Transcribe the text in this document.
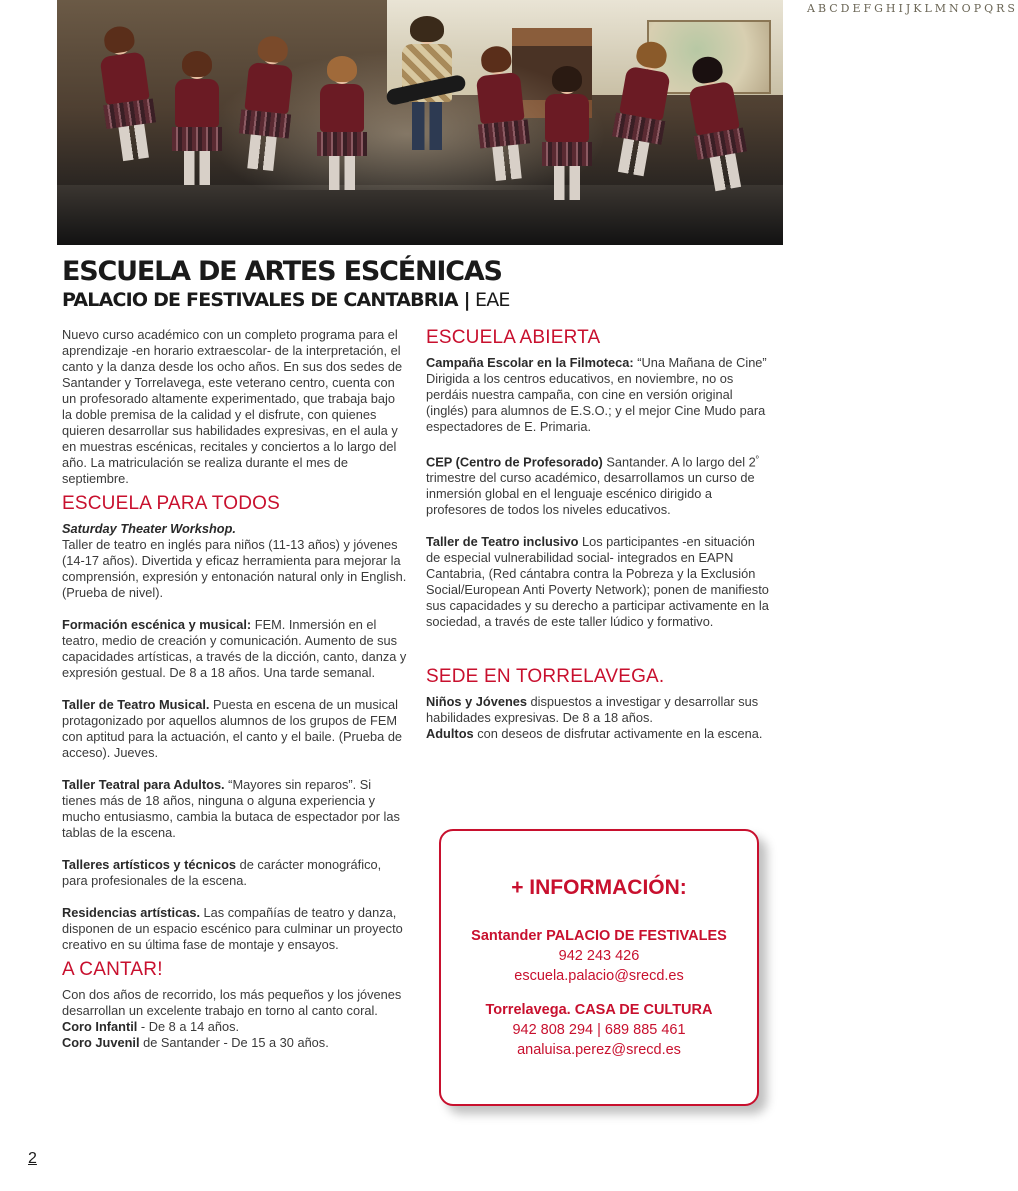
ABCDEFGHIJKLMNOPQRS
ESCUELA DE ARTES ESCÉNICAS
PALACIO DE FESTIVALES DE CANTABRIA | EAE

Nuevo curso académico con un completo programa para el aprendizaje -en horario extraescolar- de la interpretación, el canto y la danza desde los ocho años. En sus dos sedes de Santander y Torrelavega, este veterano centro, cuenta con un profesorado altamente experimentado, que trabaja bajo la doble premisa de la calidad y el disfrute, con quienes quieren desarrollar sus habilidades expresivas, en el aula y en muestras escénicas, recitales y conciertos a lo largo del año. La matriculación se realiza durante el mes de septiembre.

ESCUELA PARA TODOS

Saturday Theater Workshop.

Taller de teatro en inglés para niños (11-13 años) y jóvenes (14-17 años). Divertida y eficaz herramienta para mejorar la comprensión, expresión y entonación natural only in English. (Prueba de nivel).

Formación escénica y musical: FEM. Inmersión en el teatro, medio de creación y comunicación. Aumento de sus capacidades artísticas, a través de la dicción, canto, danza y expresión gestual. De 8 a 18 años. Una tarde semanal.

Taller de Teatro Musical. Puesta en escena de un musical protagonizado por aquellos alumnos de los grupos de FEM con aptitud para la actuación, el canto y el baile. (Prueba de acceso). Jueves.

Taller Teatral para Adultos. “Mayores sin reparos”. Si tienes más de 18 años, ninguna o alguna experiencia y mucho entusiasmo, cambia la butaca de espectador por las tablas de la escena.

Talleres artísticos y técnicos de carácter monográfico, para profesionales de la escena.

Residencias artísticas. Las compañías de teatro y danza, disponen de un espacio escénico para culminar un proyecto creativo en su última fase de montaje y ensayos.

A CANTAR!

Con dos años de recorrido, los más pequeños y los jóvenes desarrollan un excelente trabajo en torno al canto coral.

Coro Infantil - De 8 a 14 años.

Coro Juvenil de Santander - De 15 a 30 años.

ESCUELA ABIERTA

Campaña Escolar en la Filmoteca: “Una Mañana de Cine” Dirigida a los centros educativos, en noviembre, no os perdáis nuestra campaña, con cine en versión original (inglés) para alumnos de E.S.O.; y el mejor Cine Mudo para espectadores de E. Primaria.

CEP (Centro de Profesorado) Santander. A lo largo del $2^º$ trimestre del curso académico, desarrollamos un curso de inmersión global en el lenguaje escénico dirigido a profesores de todos los niveles educativos.

Taller de Teatro inclusivo Los participantes -en situación de especial vulnerabilidad social- integrados en EAPN Cantabria, (Red cántabra contra la Pobreza y la Exclusión Social/European Anti Poverty Network); ponen de manifiesto sus capacidades y su derecho a participar activamente en la sociedad, a través de este taller lúdico y formativo.

SEDE EN TORRELAVEGA.

Niños y Jóvenes dispuestos a investigar y desarrollar sus habilidades expresivas. De 8 a 18 años.

Adultos con deseos de disfrutar activamente en la escena.

+ INFORMACIÓN:
Santander PALACIO DE FESTIVALES
942 243 426
escuela.palacio@srecd.es
Torrelavega. CASA DE CULTURA
942 808 294 | 689 885 461
analuisa.perez@srecd.es
2
